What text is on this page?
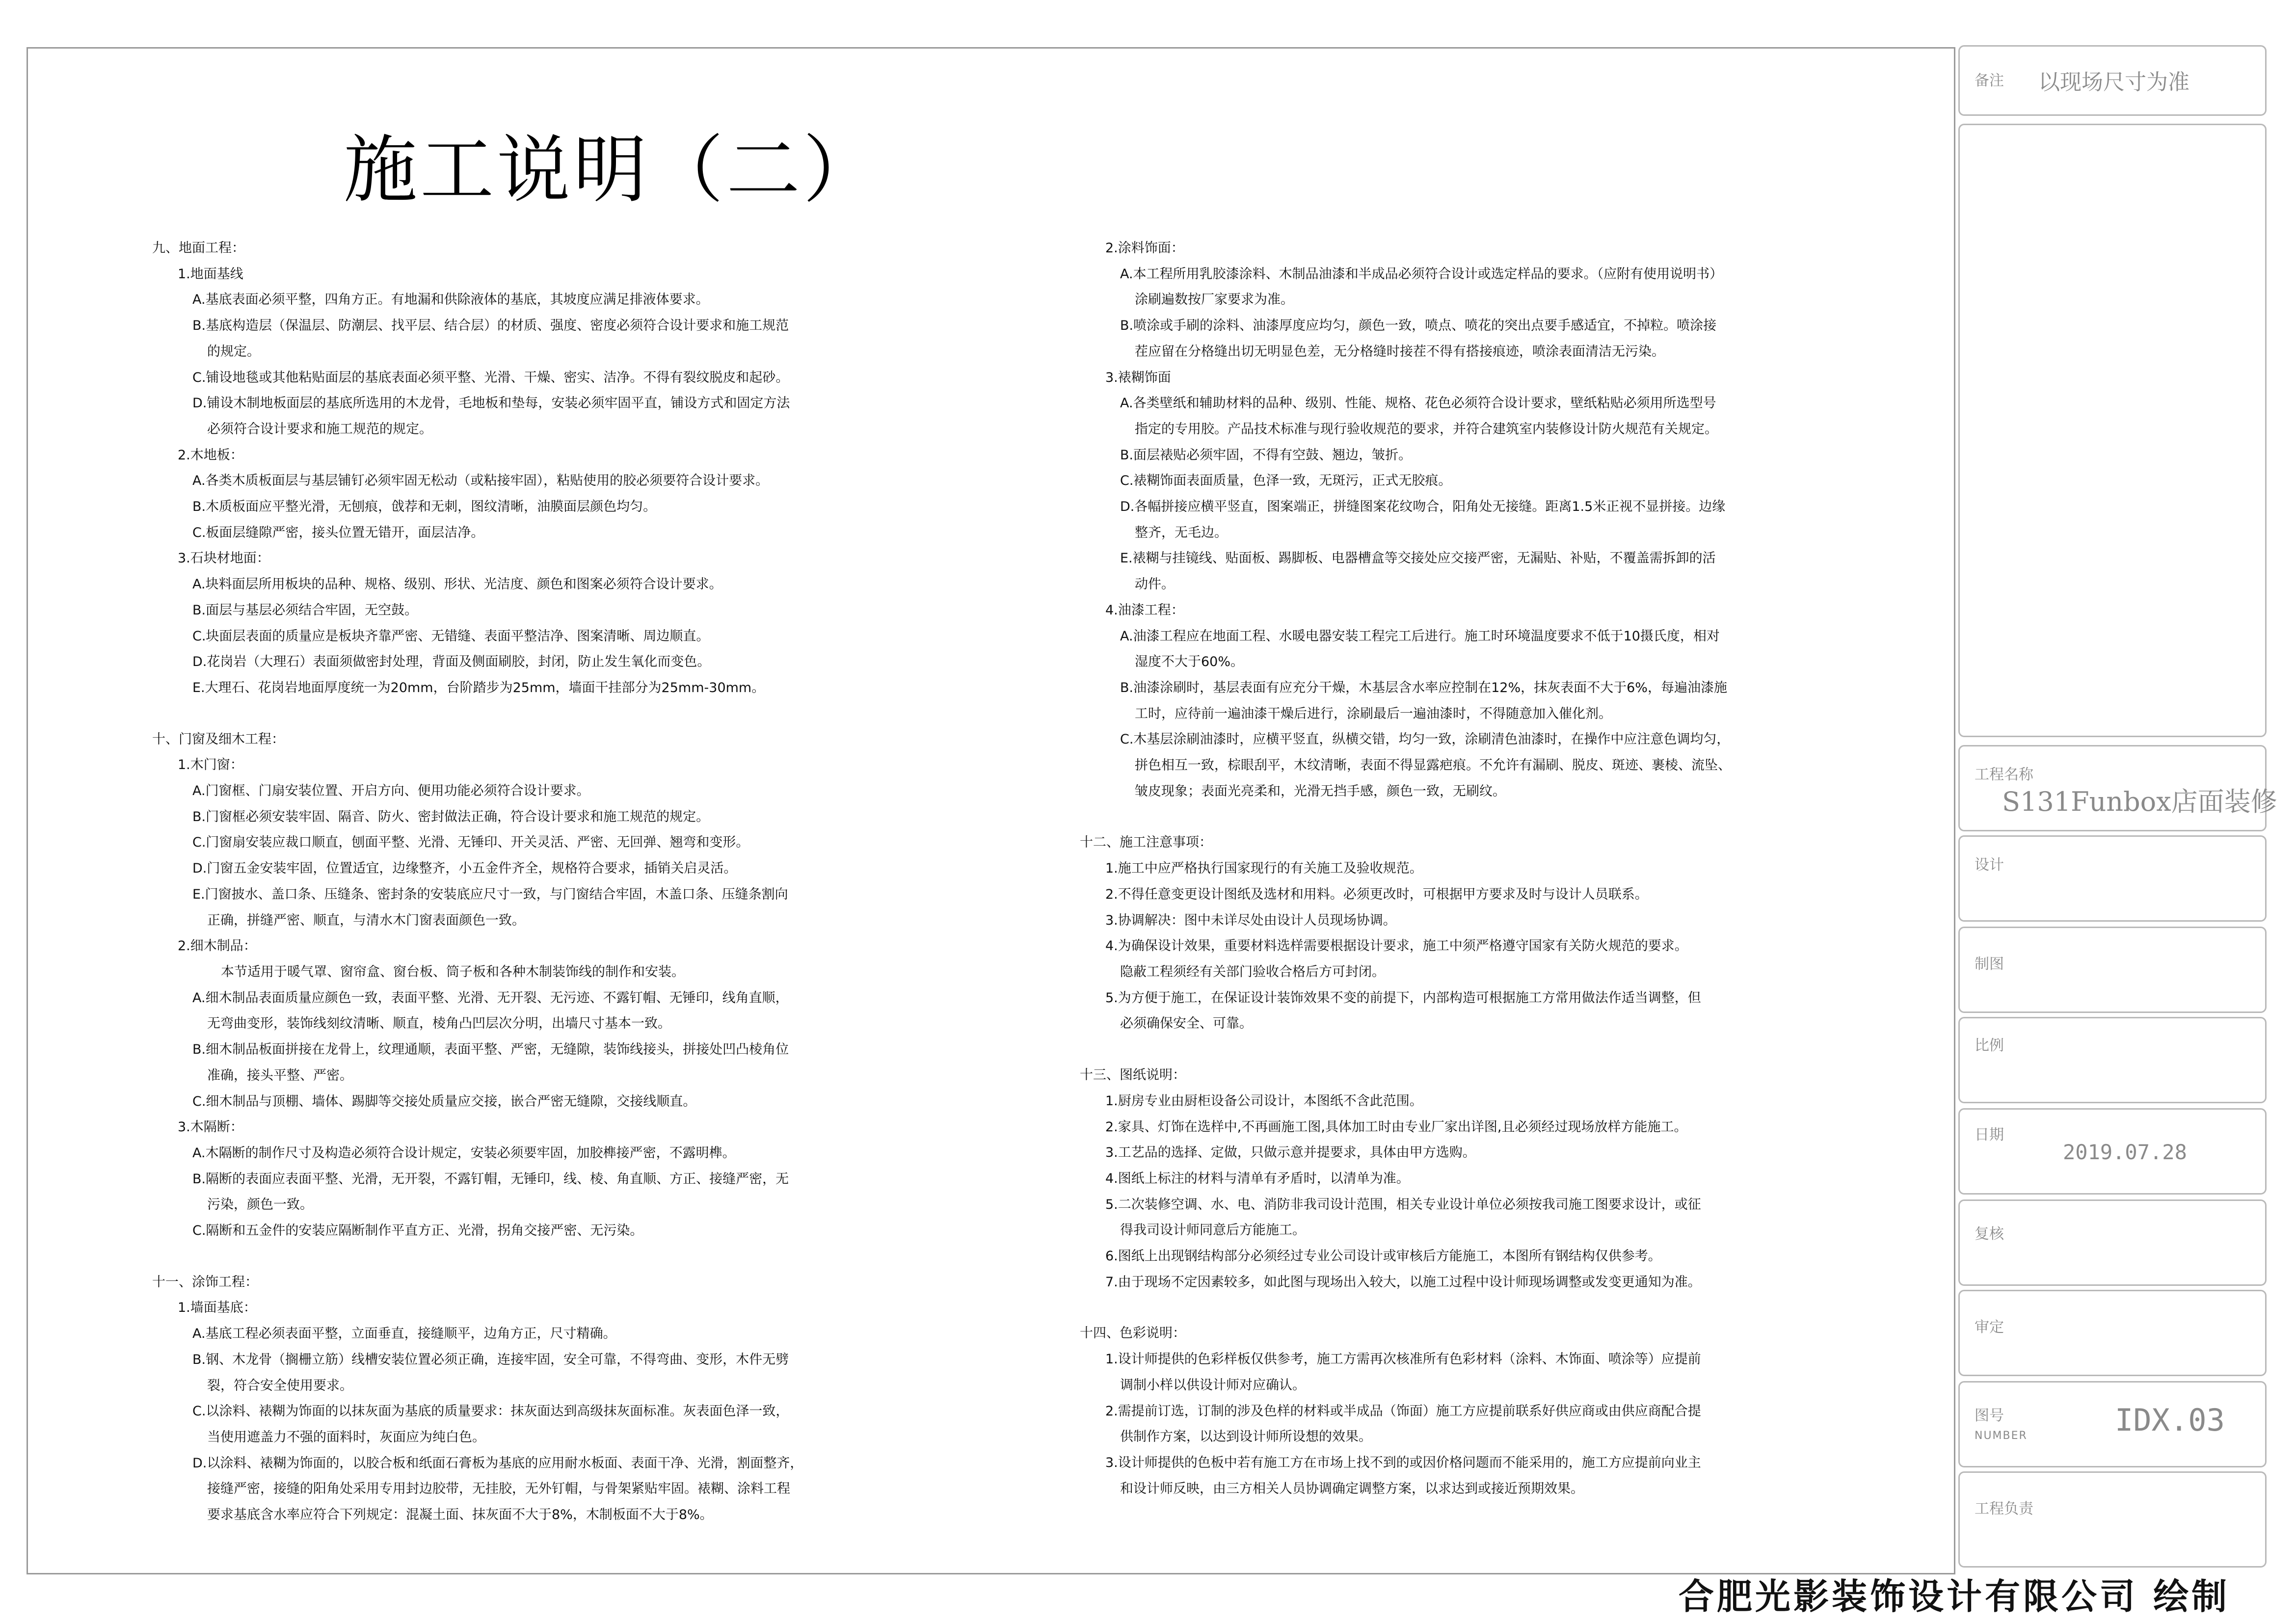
施工说明（二）
九、地面工程：
1.地面基线
A.基底表面必须平整，四角方正。有地漏和供除液体的基底，其坡度应满足排液体要求。
B.基底构造层（保温层、防潮层、找平层、结合层）的材质、强度、密度必须符合设计要求和施工规范
的规定。
C.铺设地毯或其他粘贴面层的基底表面必须平整、光滑、干燥、密实、洁净。不得有裂纹脱皮和起砂。
D.铺设木制地板面层的基底所选用的木龙骨，毛地板和垫每，安装必须牢固平直，铺设方式和固定方法
必须符合设计要求和施工规范的规定。
2.木地板：
A.各类木质板面层与基层铺钉必须牢固无松动（或粘接牢固），粘贴使用的胶必须要符合设计要求。
B.木质板面应平整光滑，无刨痕，戗荐和无刺，图纹清晰，油膜面层颜色均匀。
C.板面层缝隙严密，接头位置无错开，面层洁净。
3.石块材地面：
A.块料面层所用板块的品种、规格、级别、形状、光洁度、颜色和图案必须符合设计要求。
B.面层与基层必须结合牢固，无空鼓。
C.块面层表面的质量应是板块齐靠严密、无错缝、表面平整洁净、图案清晰、周边顺直。
D.花岗岩（大理石）表面须做密封处理，背面及侧面刷胶，封闭，防止发生氧化而变色。
E.大理石、花岗岩地面厚度统一为20mm，台阶踏步为25mm，墙面干挂部分为25mm-30mm。
十、门窗及细木工程：
1.木门窗：
A.门窗框、门扇安装位置、开启方向、便用功能必须符合设计要求。
B.门窗框必须安装牢固、隔音、防火、密封做法正确，符合设计要求和施工规范的规定。
C.门窗扇安装应裁口顺直，刨面平整、光滑、无锤印、开关灵活、严密、无回弹、翘弯和变形。
D.门窗五金安装牢固，位置适宜，边缘整齐，小五金件齐全，规格符合要求，插销关启灵活。
E.门窗披水、盖口条、压缝条、密封条的安装底应尺寸一致，与门窗结合牢固，木盖口条、压缝条割向
正确，拼缝严密、顺直，与清水木门窗表面颜色一致。
2.细木制品：
本节适用于暖气罩、窗帘盒、窗台板、筒子板和各种木制装饰线的制作和安装。
A.细木制品表面质量应颜色一致，表面平整、光滑、无开裂、无污迹、不露钉帽、无锤印，线角直顺，
无弯曲变形，装饰线刻纹清晰、顺直，棱角凸凹层次分明，出墙尺寸基本一致。
B.细木制品板面拼接在龙骨上，纹理通顺，表面平整、严密，无缝隙，装饰线接头，拼接处凹凸棱角位
准确，接头平整、严密。
C.细木制品与顶棚、墙体、踢脚等交接处质量应交接，嵌合严密无缝隙，交接线顺直。
3.木隔断：
A.木隔断的制作尺寸及构造必须符合设计规定，安装必须要牢固，加胶榫接严密，不露明榫。
B.隔断的表面应表面平整、光滑，无开裂，不露钉帽，无锤印，线、棱、角直顺、方正、接缝严密，无
污染，颜色一致。
C.隔断和五金件的安装应隔断制作平直方正、光滑，拐角交接严密、无污染。
十一、涂饰工程：
1.墙面基底：
A.基底工程必须表面平整，立面垂直，接缝顺平，边角方正，尺寸精确。
B.钢、木龙骨（搁栅立筋）线槽安装位置必须正确，连接牢固，安全可靠，不得弯曲、变形，木件无劈
裂，符合安全使用要求。
C.以涂料、裱糊为饰面的以抹灰面为基底的质量要求：抹灰面达到高级抹灰面标准。灰表面色泽一致，
当使用遮盖力不强的面料时，灰面应为纯白色。
D.以涂料、裱糊为饰面的，以胶合板和纸面石膏板为基底的应用耐水板面、表面干净、光滑，割面整齐，
接缝严密，接缝的阳角处采用专用封边胶带，无挂胶，无外钉帽，与骨架紧贴牢固。裱糊、涂料工程
要求基底含水率应符合下列规定：混凝土面、抹灰面不大于8%，木制板面不大于8%。
2.涂料饰面：
A.本工程所用乳胶漆涂料、木制品油漆和半成品必须符合设计或选定样品的要求。（应附有使用说明书）
涂刷遍数按厂家要求为准。
B.喷涂或手刷的涂料、油漆厚度应均匀，颜色一致，喷点、喷花的突出点要手感适宜，不掉粒。喷涂接
茬应留在分格缝出切无明显色差，无分格缝时接茬不得有搭接痕迹，喷涂表面清洁无污染。
3.裱糊饰面
A.各类壁纸和辅助材料的品种、级别、性能、规格、花色必须符合设计要求，壁纸粘贴必须用所选型号
指定的专用胶。产品技术标准与现行验收规范的要求，并符合建筑室内装修设计防火规范有关规定。
B.面层裱贴必须牢固，不得有空鼓、翘边，皱折。
C.裱糊饰面表面质量，色泽一致，无斑污，正式无胶痕。
D.各幅拼接应横平竖直，图案端正，拼缝图案花纹吻合，阳角处无接缝。距离1.5米正视不显拼接。边缘
整齐，无毛边。
E.裱糊与挂镜线、贴面板、踢脚板、电器槽盒等交接处应交接严密，无漏贴、补贴，不覆盖需拆卸的活
动件。
4.油漆工程：
A.油漆工程应在地面工程、水暖电器安装工程完工后进行。施工时环境温度要求不低于10摄氏度，相对
湿度不大于60%。
B.油漆涂刷时，基层表面有应充分干燥，木基层含水率应控制在12%，抹灰表面不大于6%，每遍油漆施
工时，应待前一遍油漆干燥后进行，涂刷最后一遍油漆时，不得随意加入催化剂。
C.木基层涂刷油漆时，应横平竖直，纵横交错，均匀一致，涂刷清色油漆时，在操作中应注意色调均匀，
拼色相互一致，棕眼刮平，木纹清晰，表面不得显露疤痕。不允许有漏刷、脱皮、斑迹、裹棱、流坠、
皱皮现象；表面光亮柔和，光滑无挡手感，颜色一致，无刷纹。
十二、施工注意事项：
1.施工中应严格执行国家现行的有关施工及验收规范。
2.不得任意变更设计图纸及选材和用料。必须更改时，可根据甲方要求及时与设计人员联系。
3.协调解决：图中未详尽处由设计人员现场协调。
4.为确保设计效果，重要材料选样需要根据设计要求，施工中须严格遵守国家有关防火规范的要求。
隐蔽工程须经有关部门验收合格后方可封闭。
5.为方便于施工，在保证设计装饰效果不变的前提下，内部构造可根据施工方常用做法作适当调整，但
必须确保安全、可靠。
十三、图纸说明：
1.厨房专业由厨柜设备公司设计，本图纸不含此范围。
2.家具、灯饰在选样中,不再画施工图,具体加工时由专业厂家出详图,且必须经过现场放样方能施工。
3.工艺品的选择、定做，只做示意并提要求，具体由甲方选购。
4.图纸上标注的材料与清单有矛盾时，以清单为准。
5.二次装修空调、水、电、消防非我司设计范围，相关专业设计单位必须按我司施工图要求设计，或征
得我司设计师同意后方能施工。
6.图纸上出现钢结构部分必须经过专业公司设计或审核后方能施工，本图所有钢结构仅供参考。
7.由于现场不定因素较多，如此图与现场出入较大，以施工过程中设计师现场调整或发变更通知为准。
十四、色彩说明：
1.设计师提供的色彩样板仅供参考，施工方需再次核准所有色彩材料（涂料、木饰面、喷涂等）应提前
调制小样以供设计师对应确认。
2.需提前订选，订制的涉及色样的材料或半成品（饰面）施工方应提前联系好供应商或由供应商配合提
供制作方案，以达到设计师所设想的效果。
3.设计师提供的色板中若有施工方在市场上找不到的或因价格问题而不能采用的，施工方应提前向业主
和设计师反映，由三方相关人员协调确定调整方案，以求达到或接近预期效果。
备注 以现场尺寸为准
工程名称
S131Funbox店面装修
设计
制图
比例
日期
2019.07.28
复核
审定
图号
NUMBER	IDX.03
工程负责
合肥光影装饰设计有限公司 绘制
